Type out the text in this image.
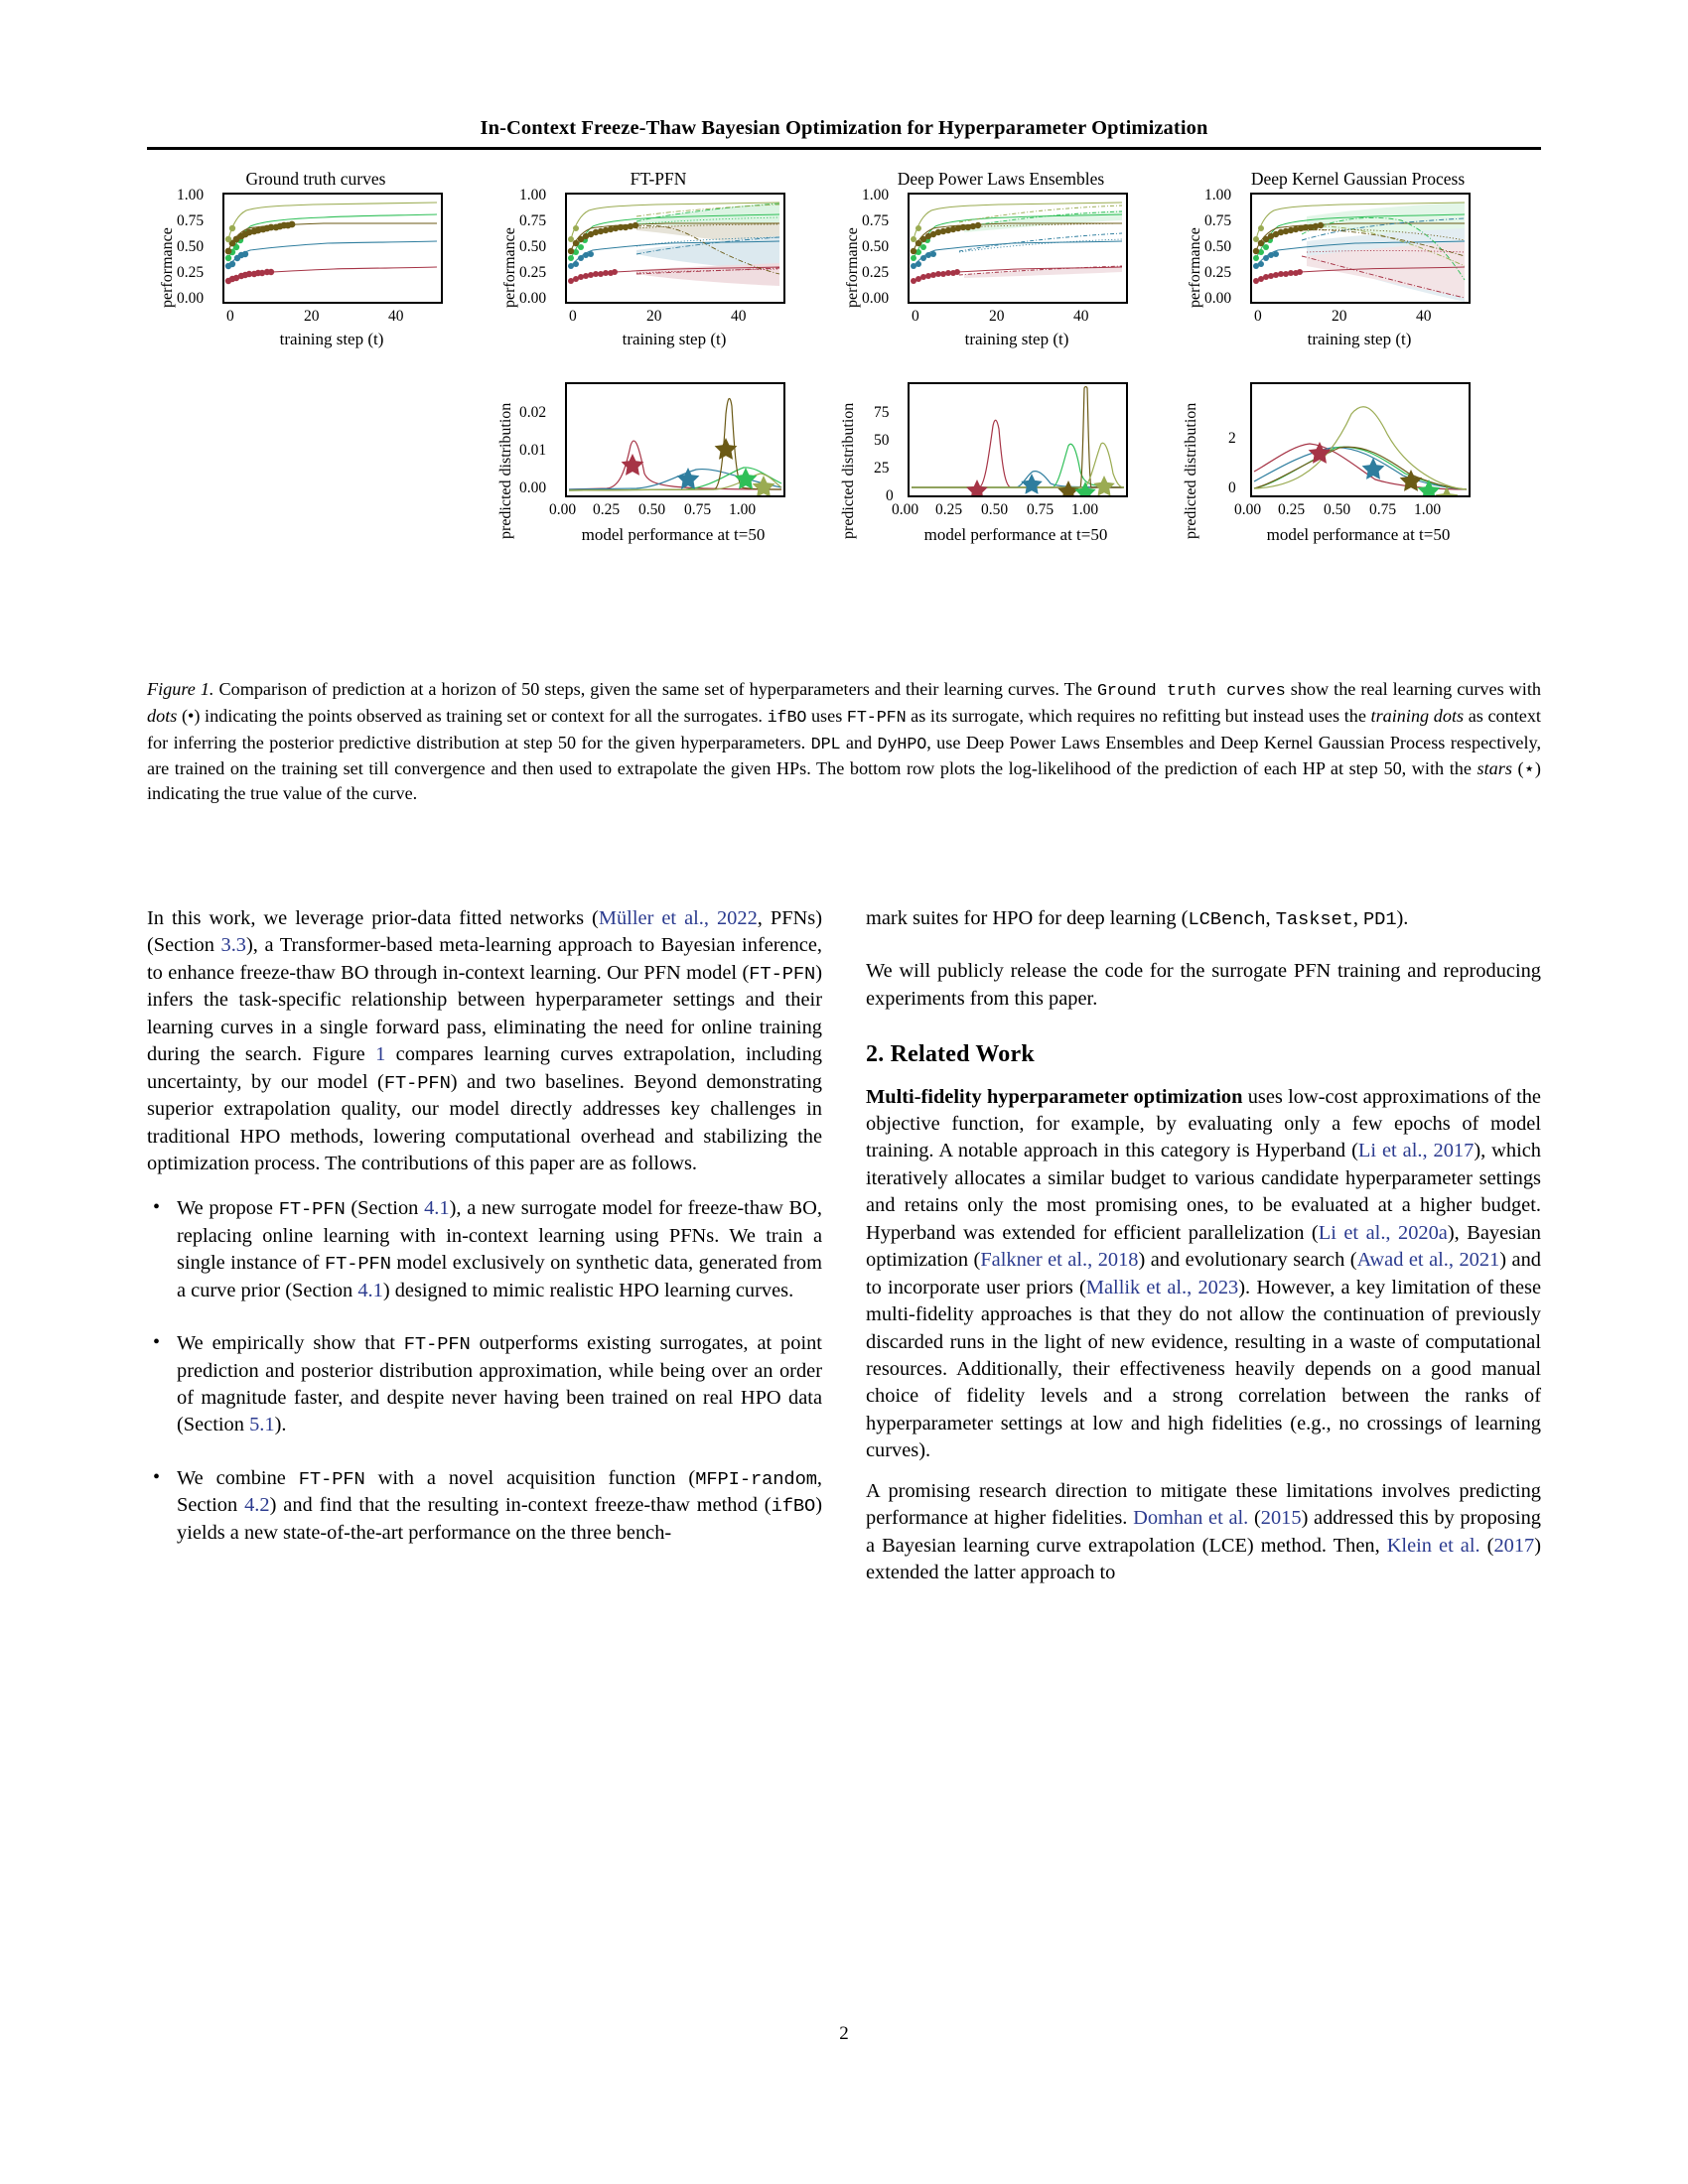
In-Context Freeze-Thaw Bayesian Optimization for Hyperparameter Optimization
Ground truth curves
performance
1.00
0.75
0.50
0.25
0.00
0	20	40
training step (t)
FT-PFN
performance
1.00
0.75
0.50
0.25
0.00
0	20	40
training step (t)
Deep Power Laws Ensembles
performance
1.00
0.75
0.50
0.25
0.00
0	20	40
training step (t)
Deep Kernel Gaussian Process
performance
1.00
0.75
0.50
0.25
0.00
0	20	40
training step (t)
predicted distribution 0.02
0.01
0.00
0.00 0.25 0.50 0.75 1.00
model performance at t=50	predicted distribution 75
50
25
0
0.00 0.25 0.50 0.75 1.00
model performance at t=50	predicted distribution 2
0
0.00 0.25 0.50 0.75 1.00
model performance at t=50
Figure 1. Comparison of prediction at a horizon of 50 steps, given the same set of hyperparameters and their learning curves. The Ground truth curves show the real learning curves with dots (•) indicating the points observed as training set or context for all the surrogates. ifBO uses FT-PFN as its surrogate, which requires no refitting but instead uses the training dots as context for inferring the posterior predictive distribution at step 50 for the given hyperparameters. DPL and DyHPO, use Deep Power Laws Ensembles and Deep Kernel Gaussian Process respectively, are trained on the training set till convergence and then used to extrapolate the given HPs. The bottom row plots the log-likelihood of the prediction of each HP at step 50, with the stars (⋆) indicating the true value of the curve.

In this work, we leverage prior-data fitted networks (Müller et al., 2022, PFNs) (Section 3.3), a Transformer-based meta-learning approach to Bayesian inference, to enhance freeze-thaw BO through in-context learning. Our PFN model (FT-PFN) infers the task-specific relationship between hyperparameter settings and their learning curves in a single forward pass, eliminating the need for online training during the search. Figure 1 compares learning curves extrapolation, including uncertainty, by our model (FT-PFN) and two baselines. Beyond demonstrating superior extrapolation quality, our model directly addresses key challenges in traditional HPO methods, lowering computational overhead and stabilizing the optimization process. The contributions of this paper are as follows.

• We propose FT-PFN (Section 4.1), a new surrogate model for freeze-thaw BO, replacing online learning with in-context learning using PFNs. We train a single instance of FT-PFN model exclusively on synthetic data, generated from a curve prior (Section 4.1) designed to mimic realistic HPO learning curves.
• We empirically show that FT-PFN outperforms existing surrogates, at point prediction and posterior distribution approximation, while being over an order of magnitude faster, and despite never having been trained on real HPO data (Section 5.1).
• We combine FT-PFN with a novel acquisition function (MFPI-random, Section 4.2) and find that the resulting in-context freeze-thaw method (ifBO) yields a new state-of-the-art performance on the three bench-

mark suites for HPO for deep learning (LCBench, Taskset, PD1).

We will publicly release the code for the surrogate PFN training and reproducing experiments from this paper.

2. Related Work

Multi-fidelity hyperparameter optimization uses low-cost approximations of the objective function, for example, by evaluating only a few epochs of model training. A notable approach in this category is Hyperband (Li et al., 2017), which iteratively allocates a similar budget to various candidate hyperparameter settings and retains only the most promising ones, to be evaluated at a higher budget. Hyperband was extended for efficient parallelization (Li et al., 2020a), Bayesian optimization (Falkner et al., 2018) and evolutionary search (Awad et al., 2021) and to incorporate user priors (Mallik et al., 2023). However, a key limitation of these multi-fidelity approaches is that they do not allow the continuation of previously discarded runs in the light of new evidence, resulting in a waste of computational resources. Additionally, their effectiveness heavily depends on a good manual choice of fidelity levels and a strong correlation between the ranks of hyperparameter settings at low and high fidelities (e.g., no crossings of learning curves).

A promising research direction to mitigate these limitations involves predicting performance at higher fidelities. Domhan et al. (2015) addressed this by proposing a Bayesian learning curve extrapolation (LCE) method. Then, Klein et al. (2017) extended the latter approach to

2
